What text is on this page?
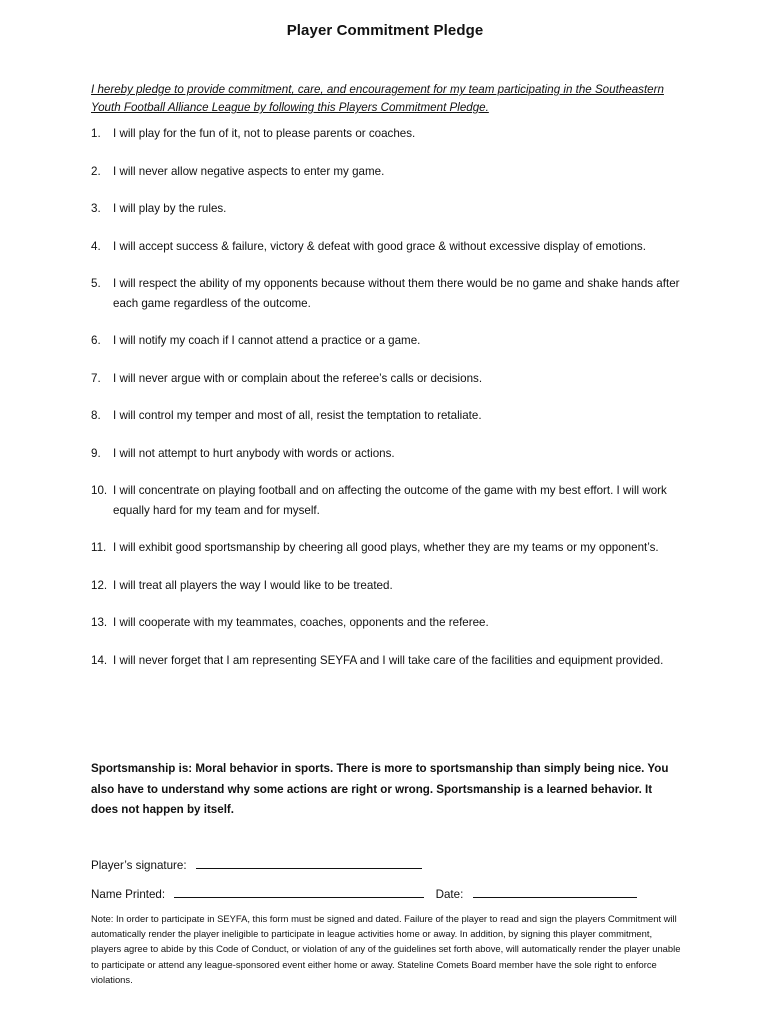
Player Commitment Pledge
I hereby pledge to provide commitment, care, and encouragement for my team participating in the Southeastern Youth Football Alliance League by following this Players Commitment Pledge.
1. I will play for the fun of it, not to please parents or coaches.
2. I will never allow negative aspects to enter my game.
3. I will play by the rules.
4. I will accept success & failure, victory & defeat with good grace & without excessive display of emotions.
5. I will respect the ability of my opponents because without them there would be no game and shake hands after each game regardless of the outcome.
6. I will notify my coach if I cannot attend a practice or a game.
7. I will never argue with or complain about the referee’s calls or decisions.
8. I will control my temper and most of all, resist the temptation to retaliate.
9. I will not attempt to hurt anybody with words or actions.
10. I will concentrate on playing football and on affecting the outcome of the game with my best effort. I will work equally hard for my team and for myself.
11. I will exhibit good sportsmanship by cheering all good plays, whether they are my teams or my opponent’s.
12. I will treat all players the way I would like to be treated.
13. I will cooperate with my teammates, coaches, opponents and the referee.
14. I will never forget that I am representing SEYFA and I will take care of the facilities and equipment provided.
Sportsmanship is: Moral behavior in sports. There is more to sportsmanship than simply being nice. You also have to understand why some actions are right or wrong. Sportsmanship is a learned behavior. It does not happen by itself.
Player’s signature:
Name Printed:	Date:
Note: In order to participate in SEYFA, this form must be signed and dated. Failure of the player to read and sign the players Commitment will automatically render the player ineligible to participate in league activities home or away. In addition, by signing this player commitment, players agree to abide by this Code of Conduct, or violation of any of the guidelines set forth above, will automatically render the player unable to participate or attend any league-sponsored event either home or away. Stateline Comets Board member have the sole right to enforce violations.
